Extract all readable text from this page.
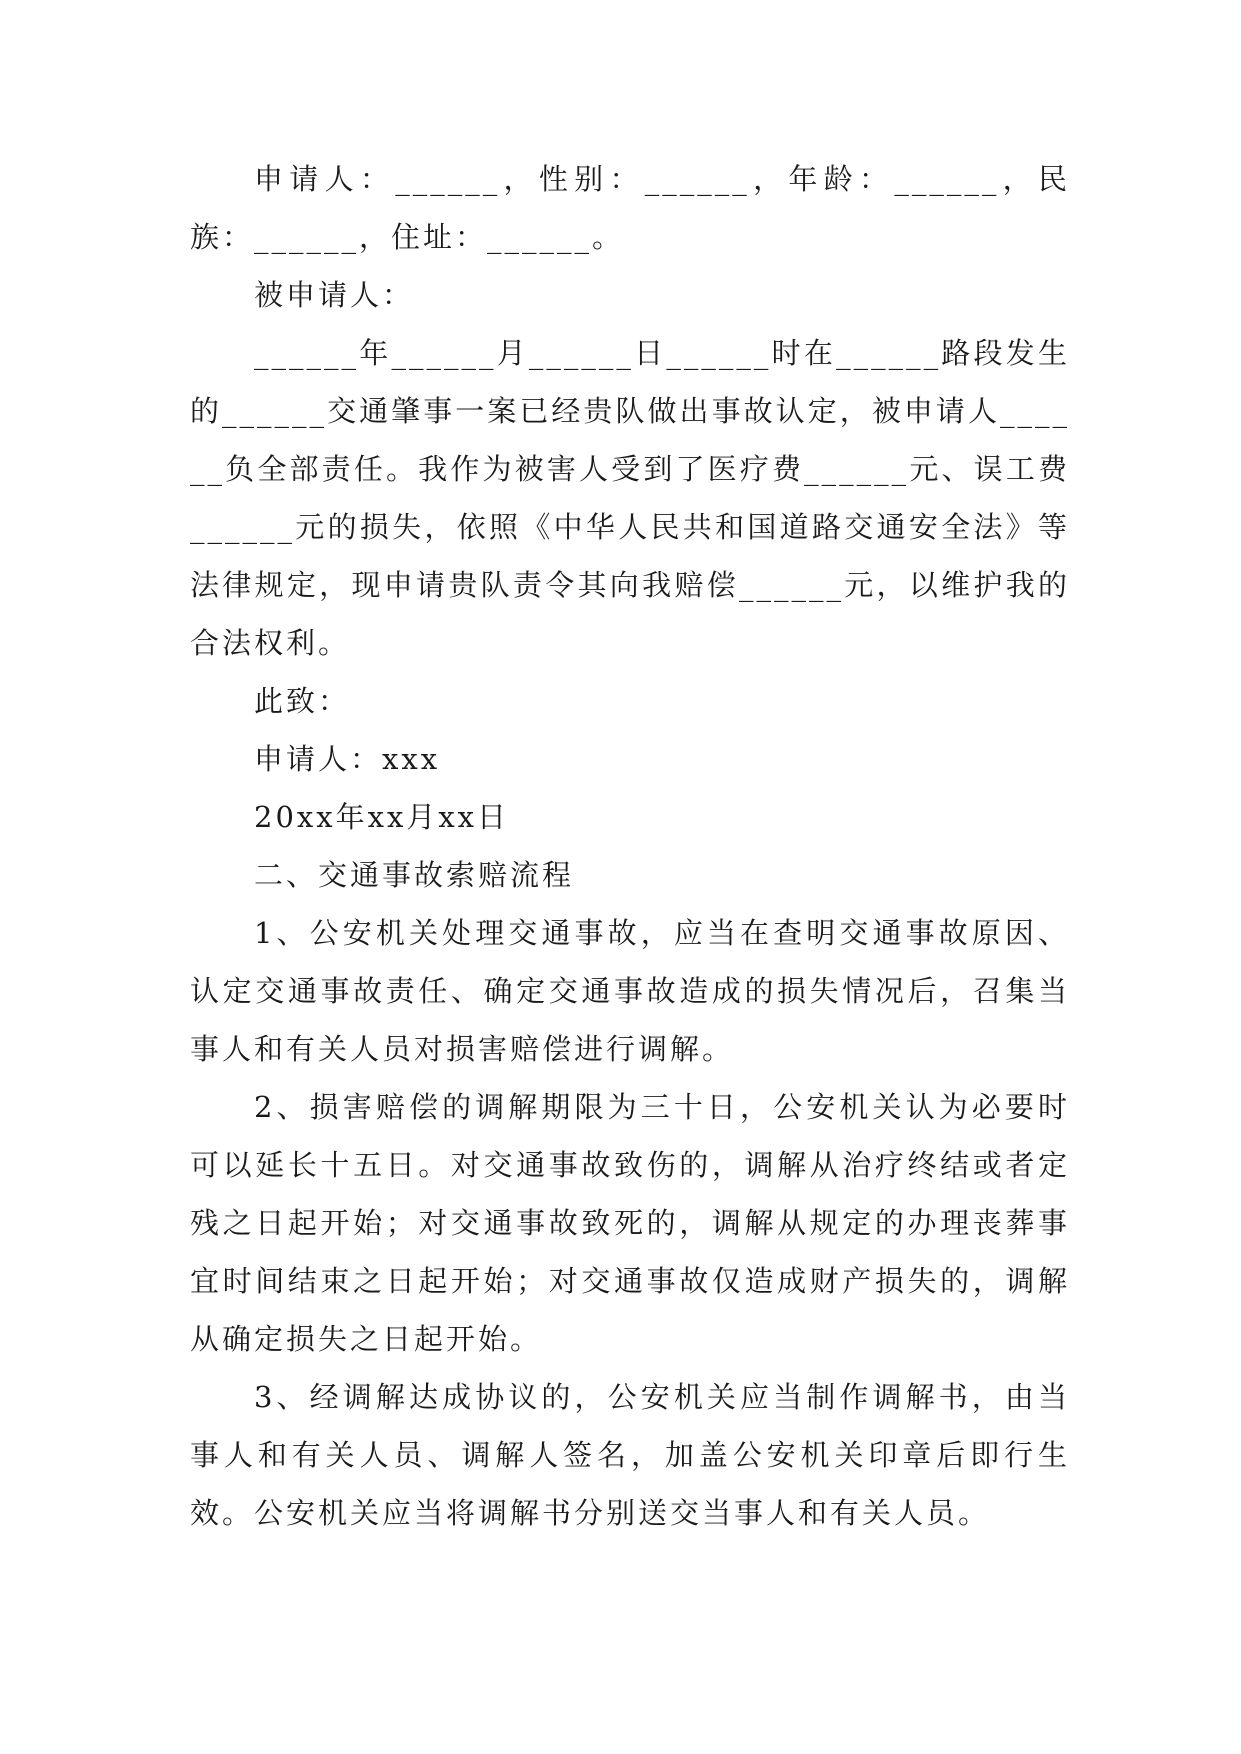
申请人：______，性别：______，年龄：______，民族：______，住址：______。

被申请人：

______年______月______日______时在______路段发生的______交通肇事一案已经贵队做出事故认定，被申请人______负全部责任。我作为被害人受到了医疗费______元、误工费______元的损失，依照《中华人民共和国道路交通安全法》等法律规定，现申请贵队责令其向我赔偿______元，以维护我的合法权利。

此致：

申请人：xxx

20xx年xx月xx日

二、交通事故索赔流程

1、公安机关处理交通事故，应当在查明交通事故原因、认定交通事故责任、确定交通事故造成的损失情况后，召集当事人和有关人员对损害赔偿进行调解。

2、损害赔偿的调解期限为三十日，公安机关认为必要时可以延长十五日。对交通事故致伤的，调解从治疗终结或者定残之日起开始；对交通事故致死的，调解从规定的办理丧葬事宜时间结束之日起开始；对交通事故仅造成财产损失的，调解从确定损失之日起开始。

3、经调解达成协议的，公安机关应当制作调解书，由当事人和有关人员、调解人签名，加盖公安机关印章后即行生效。公安机关应当将调解书分别送交当事人和有关人员。
